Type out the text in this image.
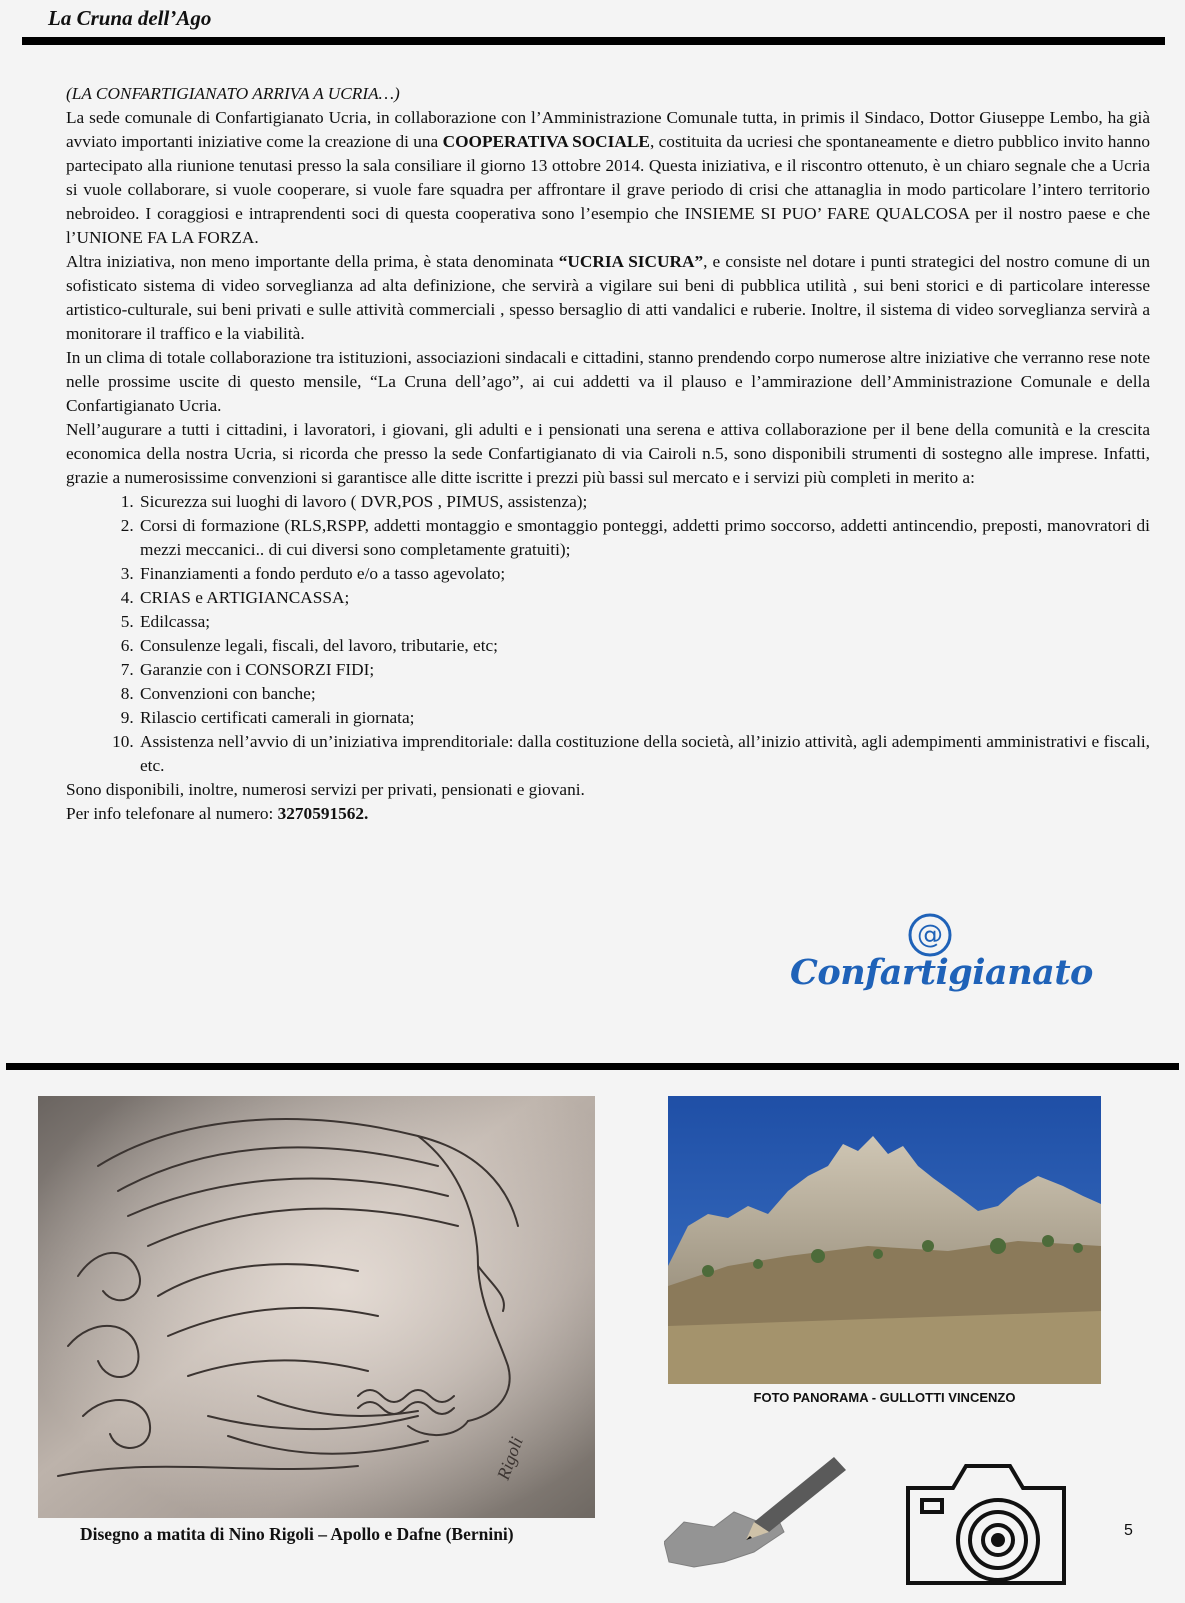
La Cruna dell’Ago

(LA CONFARTIGIANATO ARRIVA A UCRIA…)

La sede comunale di Confartigianato Ucria, in collaborazione con l’Amministrazione Comunale tutta, in primis il Sindaco, Dottor Giuseppe Lembo, ha già avviato importanti iniziative come la creazione di una COOPERATIVA SOCIALE, costituita da ucriesi che spontaneamente e dietro pubblico invito hanno partecipato alla riunione tenutasi presso la sala consiliare il giorno 13 ottobre 2014. Questa iniziativa, e il riscontro ottenuto, è un chiaro segnale che a Ucria si vuole collaborare, si vuole cooperare, si vuole fare squadra per affrontare il grave periodo di crisi che attanaglia in modo particolare l’intero territorio nebroideo. I coraggiosi e intraprendenti soci di questa cooperativa sono l’esempio che INSIEME SI PUO’ FARE QUALCOSA per il nostro paese e che l’UNIONE FA LA FORZA.

Altra iniziativa, non meno importante della prima, è stata denominata “UCRIA SICURA”, e consiste nel dotare i punti strategici del nostro comune di un sofisticato sistema di video sorveglianza ad alta definizione, che servirà a vigilare sui beni di pubblica utilità , sui beni storici e di particolare interesse artistico-culturale, sui beni privati e sulle attività commerciali , spesso bersaglio di atti vandalici e ruberie. Inoltre, il sistema di video sorveglianza servirà a monitorare il traffico e la viabilità.

In un clima di totale collaborazione tra istituzioni, associazioni sindacali e cittadini, stanno prendendo corpo numerose altre iniziative che verranno rese note nelle prossime uscite di questo mensile, “La Cruna dell’ago”, ai cui addetti va il plauso e l’ammirazione dell’Amministrazione Comunale e della Confartigianato Ucria.

Nell’augurare a tutti i cittadini, i lavoratori, i giovani, gli adulti e i pensionati una serena e attiva collaborazione per il bene della comunità e la crescita economica della nostra Ucria, si ricorda che presso la sede Confartigianato di via Cairoli n.5, sono disponibili strumenti di sostegno alle imprese. Infatti, grazie a numerosissime convenzioni si garantisce alle ditte iscritte i prezzi più bassi sul mercato e i servizi più completi in merito a:

1. Sicurezza sui luoghi di lavoro ( DVR,POS , PIMUS, assistenza);
2. Corsi di formazione (RLS,RSPP, addetti montaggio e smontaggio ponteggi, addetti primo soccorso, addetti antincendio, preposti, manovratori di mezzi meccanici.. di cui diversi sono completamente gratuiti);
3. Finanziamenti a fondo perduto e/o a tasso agevolato;
4. CRIAS e ARTIGIANCASSA;
5. Edilcassa;
6. Consulenze legali, fiscali, del lavoro, tributarie, etc;
7. Garanzie con i CONSORZI FIDI;
8. Convenzioni con banche;
9. Rilascio certificati camerali in giornata;
10. Assistenza nell’avvio di un’iniziativa imprenditoriale: dalla costituzione della società, all’inizio attività, agli adempimenti amministrativi e fiscali, etc.

Sono disponibili, inoltre, numerosi servizi per privati, pensionati e giovani.

Per info telefonare al numero: 3270591562.

@
Confartigianato
Rigoli
FOTO PANORAMA - GULLOTTI VINCENZO
Disegno a matita di Nino Rigoli – Apollo e Dafne (Bernini)	5
